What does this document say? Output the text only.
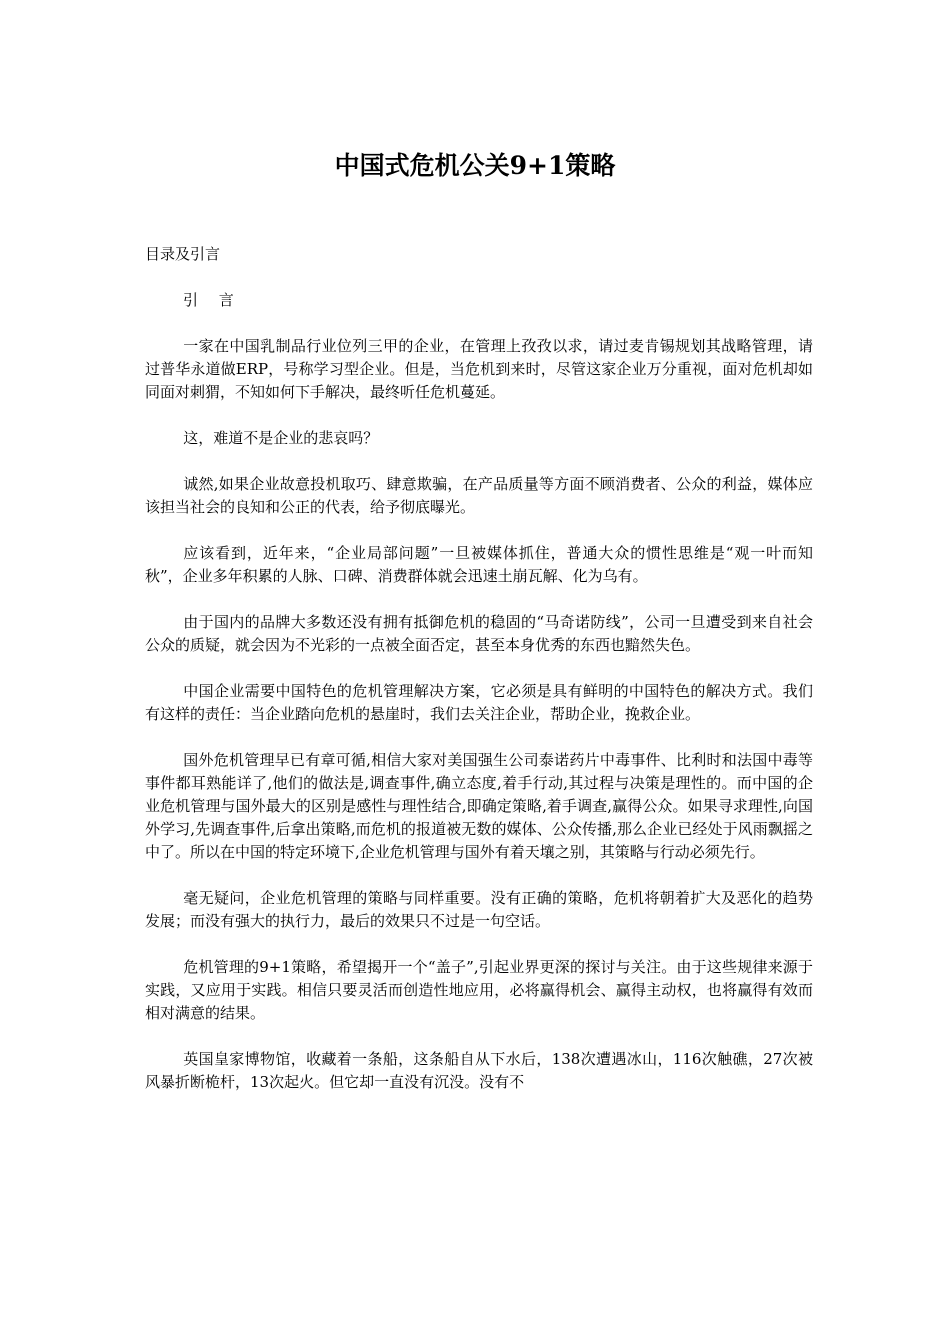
中国式危机公关9+1策略

目录及引言

引 言

一家在中国乳制品行业位列三甲的企业，在管理上孜孜以求，请过麦肯锡规划其战略管理，请过普华永道做ERP，号称学习型企业。但是，当危机到来时，尽管这家企业万分重视，面对危机却如同面对刺猬，不知如何下手解决，最终听任危机蔓延。

这，难道不是企业的悲哀吗？

诚然,如果企业故意投机取巧、肆意欺骗，在产品质量等方面不顾消费者、公众的利益，媒体应该担当社会的良知和公正的代表，给予彻底曝光。

应该看到，近年来，“企业局部问题”一旦被媒体抓住，普通大众的惯性思维是“观一叶而知秋”，企业多年积累的人脉、口碑、消费群体就会迅速土崩瓦解、化为乌有。

由于国内的品牌大多数还没有拥有抵御危机的稳固的“马奇诺防线”，公司一旦遭受到来自社会公众的质疑，就会因为不光彩的一点被全面否定，甚至本身优秀的东西也黯然失色。

中国企业需要中国特色的危机管理解决方案，它必须是具有鲜明的中国特色的解决方式。我们有这样的责任：当企业踏向危机的悬崖时，我们去关注企业，帮助企业，挽救企业。

国外危机管理早已有章可循,相信大家对美国强生公司泰诺药片中毒事件、比利时和法国中毒等事件都耳熟能详了,他们的做法是,调查事件,确立态度,着手行动,其过程与决策是理性的。而中国的企业危机管理与国外最大的区别是感性与理性结合,即确定策略,着手调查,赢得公众。如果寻求理性,向国外学习,先调查事件,后拿出策略,而危机的报道被无数的媒体、公众传播,那么企业已经处于风雨飘摇之中了。所以在中国的特定环境下,企业危机管理与国外有着天壤之别，其策略与行动必须先行。

毫无疑问，企业危机管理的策略与同样重要。没有正确的策略，危机将朝着扩大及恶化的趋势发展；而没有强大的执行力，最后的效果只不过是一句空话。

危机管理的9+1策略，希望揭开一个“盖子”,引起业界更深的探讨与关注。由于这些规律来源于实践，又应用于实践。相信只要灵活而创造性地应用，必将赢得机会、赢得主动权，也将赢得有效而相对满意的结果。

英国皇家博物馆，收藏着一条船，这条船自从下水后，138次遭遇冰山，116次触礁，27次被风暴折断桅杆，13次起火。但它却一直没有沉没。没有不
